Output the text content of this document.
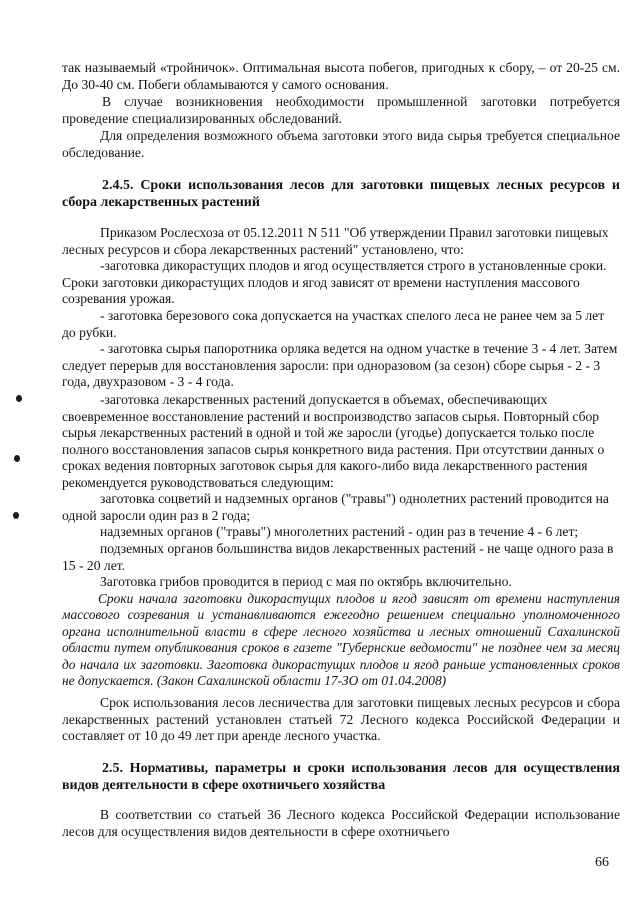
так называемый «тройничок». Оптимальная высота побегов, пригодных к сбору, – от 20-25 см. До 30-40 см. Побеги обламываются у самого основания.

В случае возникновения необходимости промышленной заготовки потребуется проведение специализированных обследований.

Для определения возможного объема заготовки этого вида сырья требуется специальное обследование.

2.4.5. Сроки использования лесов для заготовки пищевых лесных ресурсов и сбора лекарственных растений

Приказом Рослесхоза от 05.12.2011 N 511 "Об утверждении Правил заготовки пищевых лесных ресурсов и сбора лекарственных растений" установлено, что:

-заготовка дикорастущих плодов и ягод осуществляется строго в установленные сроки. Сроки заготовки дикорастущих плодов и ягод зависят от времени наступления массового созревания урожая.

- заготовка березового сока допускается на участках спелого леса не ранее чем за 5 лет до рубки.

- заготовка сырья папоротника орляка ведется на одном участке в течение 3 - 4 лет. Затем следует перерыв для восстановления заросли: при одноразовом (за сезон) сборе сырья - 2 - 3 года, двухразовом - 3 - 4 года.

-заготовка лекарственных растений допускается в объемах, обеспечивающих своевременное восстановление растений и воспроизводство запасов сырья. Повторный сбор сырья лекарственных растений в одной и той же заросли (угодье) допускается только после полного восстановления запасов сырья конкретного вида растения. При отсутствии данных о сроках ведения повторных заготовок сырья для какого-либо вида лекарственного растения рекомендуется руководствоваться следующим:

заготовка соцветий и надземных органов ("травы") однолетних растений проводится на одной заросли один раз в 2 года;

надземных органов ("травы") многолетних растений - один раз в течение 4 - 6 лет;

подземных органов большинства видов лекарственных растений - не чаще одного раза в 15 - 20 лет.

Заготовка грибов проводится в период с мая по октябрь включительно.

Сроки начала заготовки дикорастущих плодов и ягод зависят от времени наступления массового созревания и устанавливаются ежегодно решением специально уполномоченного органа исполнительной власти в сфере лесного хозяйства и лесных отношений Сахалинской области путем опубликования сроков в газете "Губернские ведомости" не позднее чем за месяц до начала их заготовки. Заготовка дикорастущих плодов и ягод раньше установленных сроков не допускается. (Закон Сахалинской области 17-ЗО от 01.04.2008)

Срок использования лесов лесничества для заготовки пищевых лесных ресурсов и сбора лекарственных растений установлен статьей 72 Лесного кодекса Российской Федерации и составляет от 10 до 49 лет при аренде лесного участка.

2.5. Нормативы, параметры и сроки использования лесов для осуществления видов деятельности в сфере охотничьего хозяйства

В соответствии со статьей 36 Лесного кодекса Российской Федерации использование лесов для осуществления видов деятельности в сфере охотничьего

66
